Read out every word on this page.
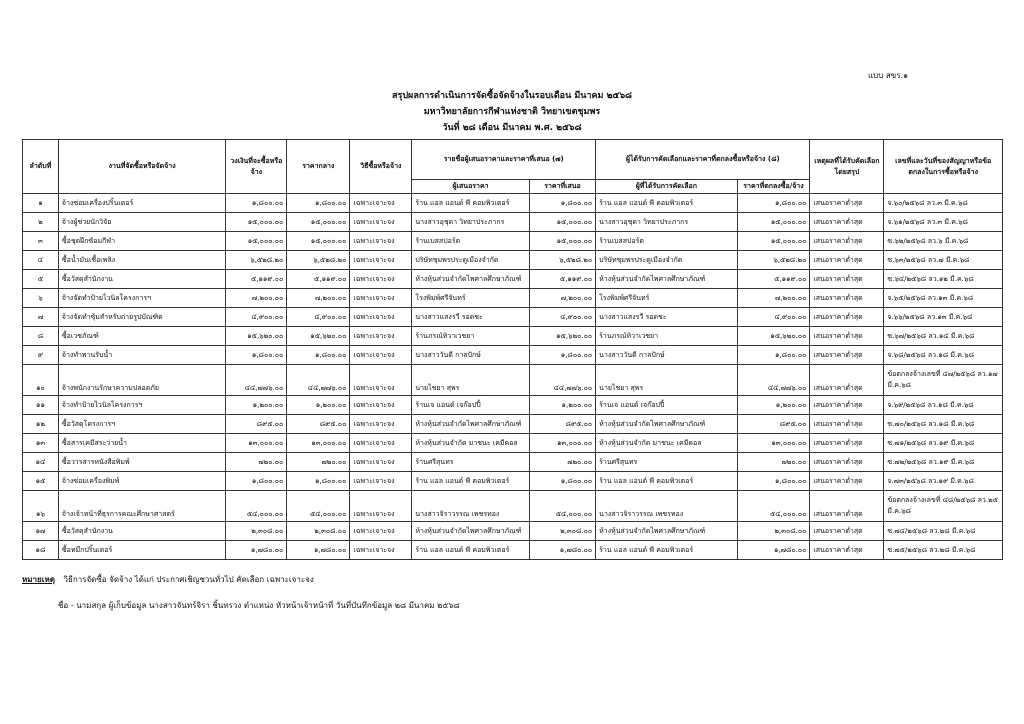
แบบ สขร.๑
สรุปผลการดำเนินการจัดซื้อจัดจ้างในรอบเดือน มีนาคม ๒๕๖๘
มหาวิทยาลัยการกีฬาแห่งชาติ วิทยาเขตชุมพร
วันที่ ๒๘ เดือน มีนาคม พ.ศ. ๒๕๖๘
ลำดับที่	งานที่จัดซื้อหรือจัดจ้าง	วงเงินที่จะซื้อหรือจ้าง	ราคากลาง	วิธีซื้อหรือจ้าง	รายชื่อผู้เสนอราคาและราคาที่เสนอ (๗)		ผู้ได้รับการคัดเลือกและราคาที่ตกลงซื้อหรือจ้าง (๘)		เหตุผลที่ได้รับคัดเลือกโดยสรุป	เลขที่และวันที่ของสัญญาหรือข้อตกลงในการซื้อหรือจ้าง
					ผู้เสนอราคา	ราคาที่เสนอ	ผู้ที่ได้รับการคัดเลือก	ราคาที่ตกลงซื้อ/จ้าง		
๑	จ้างซ่อมเครื่องปริ้นเตอร์	๑,๘๐๐.๐๐	๑,๘๐๐.๐๐	เฉพาะเจาะจง	ร้าน แอล แอนด์ พี คอมพิวเตอร์	๑,๘๐๐.๐๐	ร้าน แอล แอนด์ พี คอมพิวเตอร์	๑,๘๐๐.๐๐	เสนอราคาต่ำสุด	จ.๖๐/๒๕๖๘ ลว.๓ มี.ค.๖๘
๒	จ้างผู้ช่วยนักวิจัย	๑๕,๐๐๐.๐๐	๑๕,๐๐๐.๐๐	เฉพาะเจาะจง	นางสาวอุชุดา วิทยาประภากร	๑๕,๐๐๐.๐๐	นางสาวอุชุดา วิทยาประภากร	๑๕,๐๐๐.๐๐	เสนอราคาต่ำสุด	จ.๖๑/๒๕๖๘ ลว.๓ มี.ค.๖๘
๓	ซื้อชุดฝึกซ้อมกีฬา	๑๕,๐๐๐.๐๐	๑๕,๐๐๐.๐๐	เฉพาะเจาะจง	ร้านเบสสปอร์ต	๑๕,๐๐๐.๐๐	ร้านเบสสปอร์ต	๑๕,๐๐๐.๐๐	เสนอราคาต่ำสุด	ซ.๖๒/๒๕๖๘ ลว.๖ มี.ค.๖๘
๔	ซื้อน้ำมันเชื้อเพลิง	๖,๕๒๘.๒๐	๖,๕๒๘.๒๐	เฉพาะเจาะจง	บริษัทชุมพรประดูเมืองจำกัด	๖,๕๒๘.๒๐	บริษัทชุมพรประดูเมืองจำกัด	๖,๕๒๘.๒๐	เสนอราคาต่ำสุด	ซ.๖๓/๒๕๖๘ ลว.๗ มี.ค.๖๘
๕	ซื้อวัสดุสำนักงาน	๕,๑๑๙.๐๐	๕,๑๑๙.๐๐	เฉพาะเจาะจง	ห้างหุ้นส่วนจำกัดไพศาลศึกษาภัณฑ์	๕,๑๑๙.๐๐	ห้างหุ้นส่วนจำกัดไพศาลศึกษาภัณฑ์	๕,๑๑๙.๐๐	เสนอราคาต่ำสุด	ซ.๖๔/๒๕๖๘ ลว.๑๒ มี.ค.๖๘
๖	จ้างจัดทำป้ายไวนิลโครงการฯ	๗,๒๐๐.๐๐	๗,๒๐๐.๐๐	เฉพาะเจาะจง	โรงพิมพ์ศรีจันทร์	๗,๒๐๐.๐๐	โรงพิมพ์ศรีจันทร์	๗,๒๐๐.๐๐	เสนอราคาต่ำสุด	จ.๖๕/๒๕๖๘ ลว.๑๓ มี.ค.๖๘
๗	จ้างจัดทำซุ้มสำหรับถ่ายรูปบัณฑิต	๔,๙๐๐.๐๐	๔,๙๐๐.๐๐	เฉพาะเจาะจง	นางสาวแสงรวี รอดชะ	๔,๙๐๐.๐๐	นางสาวแสงรวี รอดชะ	๔,๙๐๐.๐๐	เสนอราคาต่ำสุด	จ.๖๖/๒๕๖๘ ลว.๑๓ มี.ค.๖๘
๘	ซื้อเวชภัณฑ์	๑๕,๖๒๐.๐๐	๑๕,๖๒๐.๐๐	เฉพาะเจาะจง	ร้านภรณ์ทิวาเวชยา	๑๕,๖๒๐.๐๐	ร้านภรณ์ทิวาเวชยา	๑๕,๖๒๐.๐๐	เสนอราคาต่ำสุด	ซ.๖๗/๒๕๖๘ ลว.๑๔ มี.ค.๖๘
๙	จ้างทำพานรับน้ำ	๑,๘๐๐.๐๐	๑,๘๐๐.๐๐	เฉพาะเจาะจง	นางสาววันดี กาลปักษ์	๑,๘๐๐.๐๐	นางสาววันดี กาลปักษ์	๑,๘๐๐.๐๐	เสนอราคาต่ำสุด	จ.๖๘/๒๕๖๘ ลว.๑๘ มี.ค.๖๘
๑๐	จ้างพนักงานรักษาความปลอดภัย	๔๔,๗๗๖.๐๐	๔๔,๗๗๖.๐๐	เฉพาะเจาะจง	นายไชยา สุพร	๔๔,๗๗๖.๐๐	นายไชยา สุพร	๔๔,๗๗๖.๐๐	เสนอราคาต่ำสุด	ข้อตกลงจ้างเลขที่ ๔๗/๒๕๖๘ ลว.๑๗ มี.ค.๖๘
๑๑	จ้างทำป้ายไวนิลโครงการฯ	๑,๒๐๐.๐๐	๑,๒๐๐.๐๐	เฉพาะเจาะจง	ร้านเจ แอนด์ เจก๊อปปี้	๑,๒๐๐.๐๐	ร้านเจ แอนด์ เจก๊อปปี้	๑,๒๐๐.๐๐	เสนอราคาต่ำสุด	จ.๖๙/๒๕๖๘ ลว.๑๘ มี.ค.๖๘
๑๒	ซื้อวัสดุโครงการฯ	๘๙๕.๐๐	๘๙๕.๐๐	เฉพาะเจาะจง	ห้างหุ้นส่วนจำกัดไพศาลศึกษาภัณฑ์	๘๙๕.๐๐	ห้างหุ้นส่วนจำกัดไพศาลศึกษาภัณฑ์	๘๙๕.๐๐	เสนอราคาต่ำสุด	ซ.๗๐/๒๕๖๘ ลว.๑๘ มี.ค.๖๘
๑๓	ซื้อสารเคมีสระว่ายน้ำ	๑๓,๐๐๐.๐๐	๑๓,๐๐๐.๐๐	เฉพาะเจาะจง	ห้างหุ้นส่วนจำกัด มาชนะ เคมีคอล	๑๓,๐๐๐.๐๐	ห้างหุ้นส่วนจำกัด มาชนะ เคมีคอล	๑๓,๐๐๐.๐๐	เสนอราคาต่ำสุด	ซ.๗๑/๒๕๖๘ ลว.๑๙ มี.ค.๖๘
๑๔	ซื้อวารสารหนังสือพิมพ์	๗๒๐.๐๐	๗๒๐.๐๐	เฉพาะเจาะจง	ร้านศรีสุนทร	๗๒๐.๐๐	ร้านศรีสุนทร	๗๒๐.๐๐	เสนอราคาต่ำสุด	ซ.๗๒/๒๕๖๘ ลว.๑๙ มี.ค.๖๘
๑๕	จ้างซ่อมเครื่องพิมพ์	๑,๘๐๐.๐๐	๑,๘๐๐.๐๐	เฉพาะเจาะจง	ร้าน แอล แอนด์ พี คอมพิวเตอร์	๑,๘๐๐.๐๐	ร้าน แอล แอนด์ พี คอมพิวเตอร์	๑,๘๐๐.๐๐	เสนอราคาต่ำสุด	จ.๗๓/๒๕๖๘ ลว.๑๙ มี.ค.๖๘
๑๖	จ้างเจ้าหน้าที่ธุรการคณะศึกษาศาสตร์	๕๔,๐๐๐.๐๐	๕๔,๐๐๐.๐๐	เฉพาะเจาะจง	นางสาวจิราวรรณ เพชรทอง	๕๔,๐๐๐.๐๐	นางสาวจิราวรรณ เพชรทอง	๕๔,๐๐๐.๐๐	เสนอราคาต่ำสุด	ข้อตกลงจ้างเลขที่ ๔๘/๒๕๖๘ ลว.๒๕ มี.ค.๖๘
๑๗	ซื้อวัสดุสำนักงาน	๒,๓๐๘.๐๐	๒,๓๐๘.๐๐	เฉพาะเจาะจง	ห้างหุ้นส่วนจำกัดไพศาลศึกษาภัณฑ์	๒,๓๐๘.๐๐	ห้างหุ้นส่วนจำกัดไพศาลศึกษาภัณฑ์	๒,๓๐๘.๐๐	เสนอราคาต่ำสุด	ซ.๗๔/๒๕๖๘ ลว.๒๘ มี.ค.๖๘
๑๘	ซื้อหมึกปริ้นเตอร์	๑,๗๘๐.๐๐	๑,๗๘๐.๐๐	เฉพาะเจาะจง	ร้าน แอล แอนด์ พี คอมพิวเตอร์	๑,๗๘๐.๐๐	ร้าน แอล แอนด์ พี คอมพิวเตอร์	๑,๗๘๐.๐๐	เสนอราคาต่ำสุด	ซ.๗๕/๒๕๖๘ ลว.๒๘ มี.ค.๖๘
หมายเหตุ วิธีการจัดซื้อ จัดจ้าง ได้แก่ ประกาศเชิญชวนทั่วไป คัดเลือก เฉพาะเจาะจง
ชื่อ - นามสกุล ผู้เก็บข้อมูล นางสาวจันทร์จิรา ชิ้นทรวง ตำแหน่ง หัวหน้าเจ้าหน้าที่ วันที่บันทึกข้อมูล ๒๘ มีนาคม ๒๕๖๘
